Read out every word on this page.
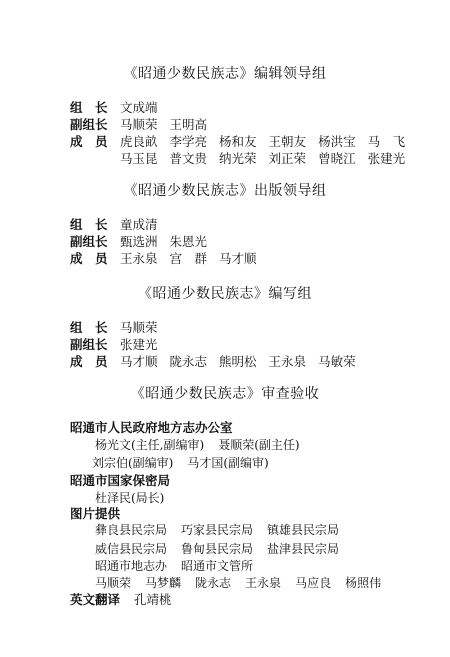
《昭通少数民族志》编辑领导组
组　长 文成端
副组长 马顺荣 王明高
成　员 虎良畝 李学亮 杨和友 王朝友 杨洪宝 马　飞
马玉昆 普文贵 纳光荣 刘正荣 曾晓江 张建光
《昭通少数民族志》出版领导组
组　长 童成清
副组长 甄选洲 朱恩光
成　员 王永泉 宫　群 马才顺
《昭通少数民族志》编写组
组　长 马顺荣
副组长 张建光
成　员 马才顺 陇永志 熊明松 王永泉 马敏荣
《昭通少数民族志》审查验收
昭通市人民政府地方志办公室
杨光文(主任,副编审) 聂顺荣(副主任)
刘宗伯(副编审) 马才国(副编审)
昭通市国家保密局
杜泽民(局长)
图片提供
彝良县民宗局 巧家县民宗局 镇雄县民宗局
威信县民宗局 鲁甸县民宗局 盐津县民宗局
昭通市地志办 昭通市文管所
马顺荣 马梦麟 陇永志 王永泉 马应良 杨照伟
英文翻译 孔靖桃
